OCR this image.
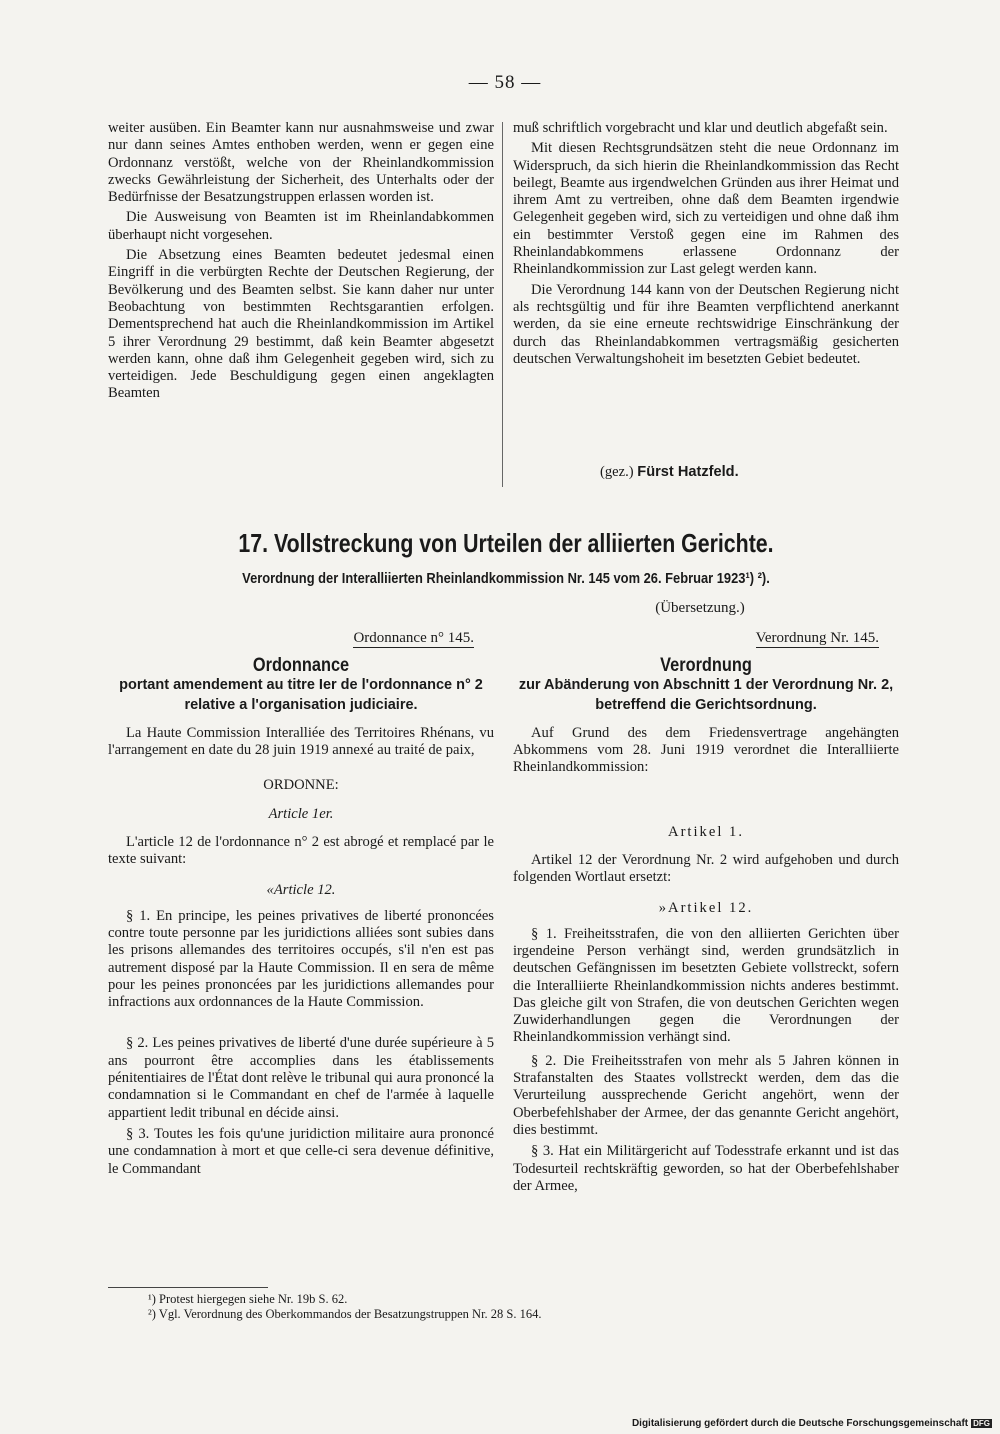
— 58 —

weiter ausüben. Ein Beamter kann nur ausnahmsweise und zwar nur dann seines Amtes enthoben werden, wenn er gegen eine Ordonnanz verstößt, welche von der Rheinlandkommission zwecks Gewährleistung der Sicherheit, des Unterhalts oder der Bedürfnisse der Besatzungstruppen erlassen worden ist.

Die Ausweisung von Beamten ist im Rheinlandabkommen überhaupt nicht vorgesehen.

Die Absetzung eines Beamten bedeutet jedesmal einen Eingriff in die verbürgten Rechte der Deutschen Regierung, der Bevölkerung und des Beamten selbst. Sie kann daher nur unter Beobachtung von bestimmten Rechtsgarantien erfolgen. Dementsprechend hat auch die Rheinlandkommission im Artikel 5 ihrer Verordnung 29 bestimmt, daß kein Beamter abgesetzt werden kann, ohne daß ihm Gelegenheit gegeben wird, sich zu verteidigen. Jede Beschuldigung gegen einen angeklagten Beamten

muß schriftlich vorgebracht und klar und deutlich abgefaßt sein.

Mit diesen Rechtsgrundsätzen steht die neue Ordonnanz im Widerspruch, da sich hierin die Rheinlandkommission das Recht beilegt, Beamte aus irgendwelchen Gründen aus ihrer Heimat und ihrem Amt zu vertreiben, ohne daß dem Beamten irgendwie Gelegenheit gegeben wird, sich zu verteidigen und ohne daß ihm ein bestimmter Verstoß gegen eine im Rahmen des Rheinlandabkommens erlassene Ordonnanz der Rheinlandkommission zur Last gelegt werden kann.

Die Verordnung 144 kann von der Deutschen Regierung nicht als rechtsgültig und für ihre Beamten verpflichtend anerkannt werden, da sie eine erneute rechtswidrige Einschränkung der durch das Rheinlandabkommen vertragsmäßig gesicherten deutschen Verwaltungshoheit im besetzten Gebiet bedeutet.

(gez.) Fürst Hatzfeld.
17. Vollstreckung von Urteilen der alliierten Gerichte.
Verordnung der Interalliierten Rheinlandkommission Nr. 145 vom 26. Februar 1923¹) ²).
(Übersetzung.)
Ordonnance n° 145.
Ordonnance
portant amendement au titre Ier de l'ordonnance n° 2 relative a l'organisation judiciaire.

La Haute Commission Interalliée des Territoires Rhénans, vu l'arrangement en date du 28 juin 1919 annexé au traité de paix,

ORDONNE:
Article 1er.

L'article 12 de l'ordonnance n° 2 est abrogé et remplacé par le texte suivant:

«Article 12.

§ 1. En principe, les peines privatives de liberté prononcées contre toute personne par les juridictions alliées sont subies dans les prisons allemandes des territoires occupés, s'il n'en est pas autrement disposé par la Haute Commission. Il en sera de même pour les peines prononcées par les juridictions allemandes pour infractions aux ordonnances de la Haute Commission.

§ 2. Les peines privatives de liberté d'une durée supérieure à 5 ans pourront être accomplies dans les établissements pénitentiaires de l'État dont relève le tribunal qui aura prononcé la condamnation si le Commandant en chef de l'armée à laquelle appartient ledit tribunal en décide ainsi.

§ 3. Toutes les fois qu'une juridiction militaire aura prononcé une condamnation à mort et que celle-ci sera devenue définitive, le Commandant

Verordnung Nr. 145.
Verordnung
zur Abänderung von Abschnitt 1 der Verordnung Nr. 2, betreffend die Gerichtsordnung.

Auf Grund des dem Friedensvertrage angehängten Abkommens vom 28. Juni 1919 verordnet die Interalliierte Rheinlandkommission:

Artikel 1.

Artikel 12 der Verordnung Nr. 2 wird aufgehoben und durch folgenden Wortlaut ersetzt:

»Artikel 12.

§ 1. Freiheitsstrafen, die von den alliierten Gerichten über irgendeine Person verhängt sind, werden grundsätzlich in deutschen Gefängnissen im besetzten Gebiete vollstreckt, sofern die Interalliierte Rheinlandkommission nichts anderes bestimmt. Das gleiche gilt von Strafen, die von deutschen Gerichten wegen Zuwiderhandlungen gegen die Verordnungen der Rheinlandkommission verhängt sind.

§ 2. Die Freiheitsstrafen von mehr als 5 Jahren können in Strafanstalten des Staates vollstreckt werden, dem das die Verurteilung aussprechende Gericht angehört, wenn der Oberbefehlshaber der Armee, der das genannte Gericht angehört, dies bestimmt.

§ 3. Hat ein Militärgericht auf Todesstrafe erkannt und ist das Todesurteil rechtskräftig geworden, so hat der Oberbefehlshaber der Armee,

¹) Protest hiergegen siehe Nr. 19b S. 62.
²) Vgl. Verordnung des Oberkommandos der Besatzungstruppen Nr. 28 S. 164.
Digitalisierung gefördert durch die Deutsche Forschungsgemeinschaft DFG
